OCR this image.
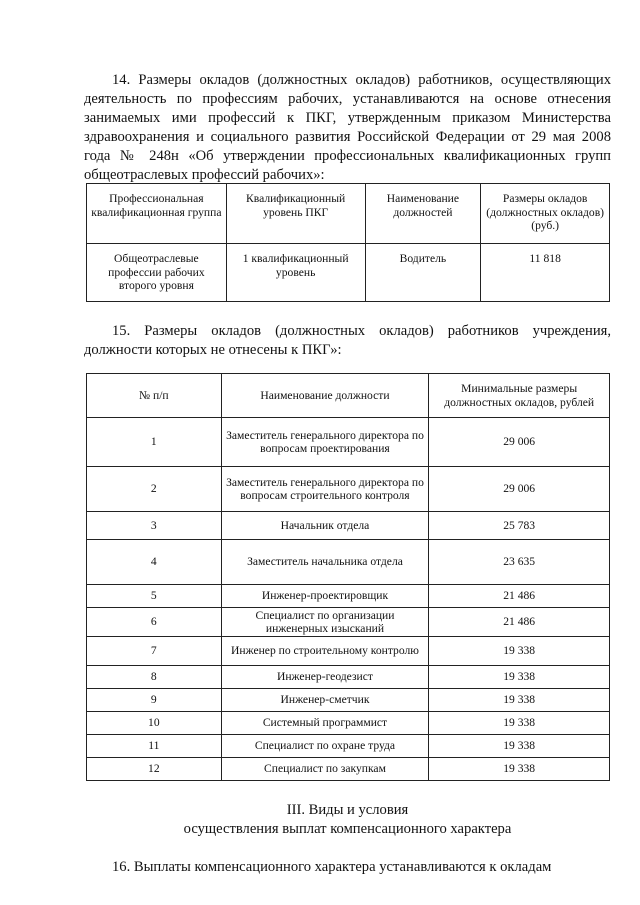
14. Размеры окладов (должностных окладов) работников, осуществляющих деятельность по профессиям рабочих, устанавливаются на основе отнесения занимаемых ими профессий к ПКГ, утвержденным приказом Министерства здравоохранения и социального развития Российской Федерации от 29 мая 2008 года № 248н «Об утверждении профессиональных квалификационных групп общеотраслевых профессий рабочих»:

Профессиональная квалификационная группа	Квалификационный уровень ПКГ	Наименование должностей	Размеры окладов (должностных окладов) (руб.)
Общеотраслевые профессии рабочих второго уровня	1 квалификационный уровень	Водитель	11 818

15. Размеры окладов (должностных окладов) работников учреждения, должности которых не отнесены к ПКГ»:

№ п/п	Наименование должности	Минимальные размеры должностных окладов, рублей
1	Заместитель генерального директора по вопросам проектирования	29 006
2	Заместитель генерального директора по вопросам строительного контроля	29 006
3	Начальник отдела	25 783
4	Заместитель начальника отдела	23 635
5	Инженер-проектировщик	21 486
6	Специалист по организации инженерных изысканий	21 486
7	Инженер по строительному контролю	19 338
8	Инженер-геодезист	19 338
9	Инженер-сметчик	19 338
10	Системный программист	19 338
11	Специалист по охране труда	19 338
12	Специалист по закупкам	19 338
III. Виды и условия
осуществления выплат компенсационного характера

16. Выплаты компенсационного характера устанавливаются к окладам
